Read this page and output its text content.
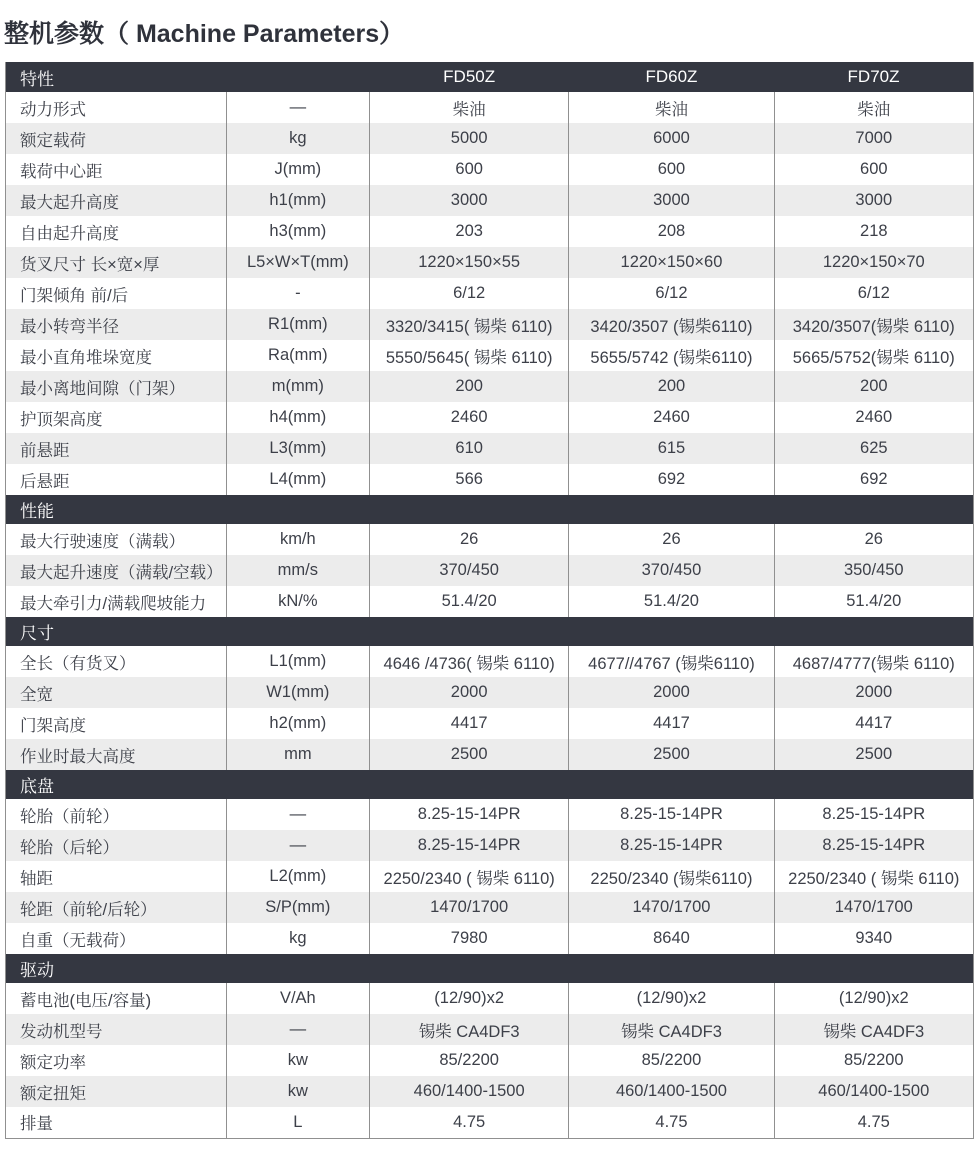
整机参数（ Machine Parameters）
特性		FD50Z	FD60Z	FD70Z
动力形式	—	柴油	柴油	柴油
额定载荷	kg	5000	6000	7000
载荷中心距	J(mm)	600	600	600
最大起升高度	h1(mm)	3000	3000	3000
自由起升高度	h3(mm)	203	208	218
货叉尺寸 长×宽×厚	L5×W×T(mm)	1220×150×55	1220×150×60	1220×150×70
门架倾角 前/后	-	6/12	6/12	6/12
最小转弯半径	R1(mm)	3320/3415( 锡柴 6110)	3420/3507 (锡柴6110)	3420/3507(锡柴 6110)
最小直角堆垛宽度	Ra(mm)	5550/5645( 锡柴 6110)	5655/5742 (锡柴6110)	5665/5752(锡柴 6110)
最小离地间隙（门架）	m(mm)	200	200	200
护顶架高度	h4(mm)	2460	2460	2460
前悬距	L3(mm)	610	615	625
后悬距	L4(mm)	566	692	692
性能				
最大行驶速度（满载）	km/h	26	26	26
最大起升速度（满载/空载）	mm/s	370/450	370/450	350/450
最大牵引力/满载爬坡能力	kN/%	51.4/20	51.4/20	51.4/20
尺寸				
全长（有货叉）	L1(mm)	4646 /4736( 锡柴 6110)	4677//4767 (锡柴6110)	4687/4777(锡柴 6110)
全宽	W1(mm)	2000	2000	2000
门架高度	h2(mm)	4417	4417	4417
作业时最大高度	mm	2500	2500	2500
底盘				
轮胎（前轮）	—	8.25-15-14PR	8.25-15-14PR	8.25-15-14PR
轮胎（后轮）	—	8.25-15-14PR	8.25-15-14PR	8.25-15-14PR
轴距	L2(mm)	2250/2340 ( 锡柴 6110)	2250/2340 (锡柴6110)	2250/2340 ( 锡柴 6110)
轮距（前轮/后轮）	S/P(mm)	1470/1700	1470/1700	1470/1700
自重（无载荷）	kg	7980	8640	9340
驱动				
蓄电池(电压/容量)	V/Ah	(12/90)x2	(12/90)x2	(12/90)x2
发动机型号	—	锡柴 CA4DF3	锡柴 CA4DF3	锡柴 CA4DF3
额定功率	kw	85/2200	85/2200	85/2200
额定扭矩	kw	460/1400-1500	460/1400-1500	460/1400-1500
排量	L	4.75	4.75	4.75
